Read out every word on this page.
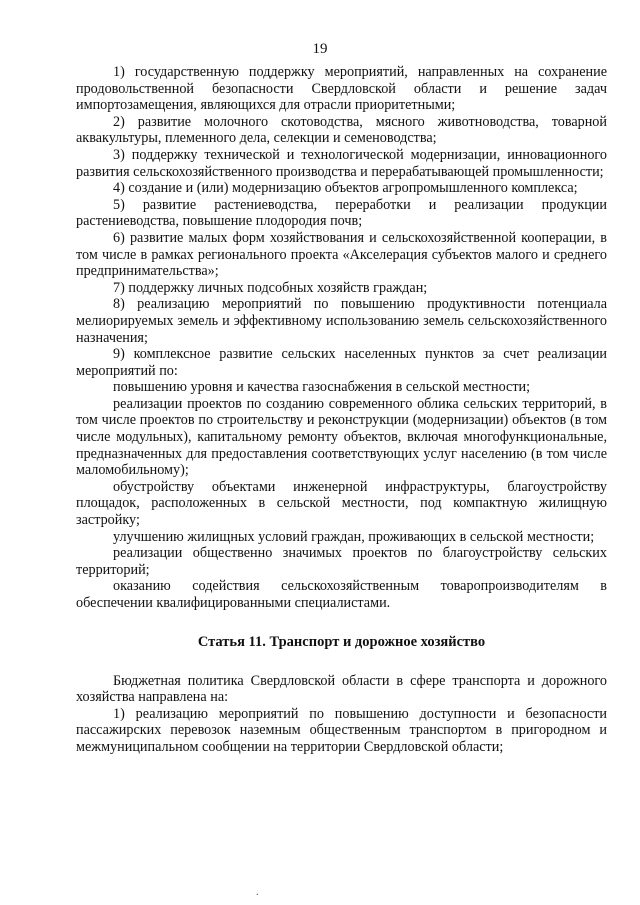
19

1) государственную поддержку мероприятий, направленных на сохранение продовольственной безопасности Свердловской области и решение задач импортозамещения, являющихся для отрасли приоритетными;

2) развитие молочного скотоводства, мясного животноводства, товарной аквакультуры, племенного дела, селекции и семеноводства;

3) поддержку технической и технологической модернизации, инновационного развития сельскохозяйственного производства и перерабатывающей промышленности;

4) создание и (или) модернизацию объектов агропромышленного комплекса;

5) развитие растениеводства, переработки и реализации продукции растениеводства, повышение плодородия почв;

6) развитие малых форм хозяйствования и сельскохозяйственной кооперации, в том числе в рамках регионального проекта «Акселерация субъектов малого и среднего предпринимательства»;

7) поддержку личных подсобных хозяйств граждан;

8) реализацию мероприятий по повышению продуктивности потенциала мелиорируемых земель и эффективному использованию земель сельскохозяйственного назначения;

9) комплексное развитие сельских населенных пунктов за счет реализации мероприятий по:

повышению уровня и качества газоснабжения в сельской местности;

реализации проектов по созданию современного облика сельских территорий, в том числе проектов по строительству и реконструкции (модернизации) объектов (в том числе модульных), капитальному ремонту объектов, включая многофункциональные, предназначенных для предоставления соответствующих услуг населению (в том числе маломобильному);

обустройству объектами инженерной инфраструктуры, благоустройству площадок, расположенных в сельской местности, под компактную жилищную застройку;

улучшению жилищных условий граждан, проживающих в сельской местности;

реализации общественно значимых проектов по благоустройству сельских территорий;

оказанию содействия сельскохозяйственным товаропроизводителям в обеспечении квалифицированными специалистами.

Статья 11. Транспорт и дорожное хозяйство

Бюджетная политика Свердловской области в сфере транспорта и дорожного хозяйства направлена на:

1) реализацию мероприятий по повышению доступности и безопасности пассажирских перевозок наземным общественным транспортом в пригородном и межмуниципальном сообщении на территории Свердловской области;

.
